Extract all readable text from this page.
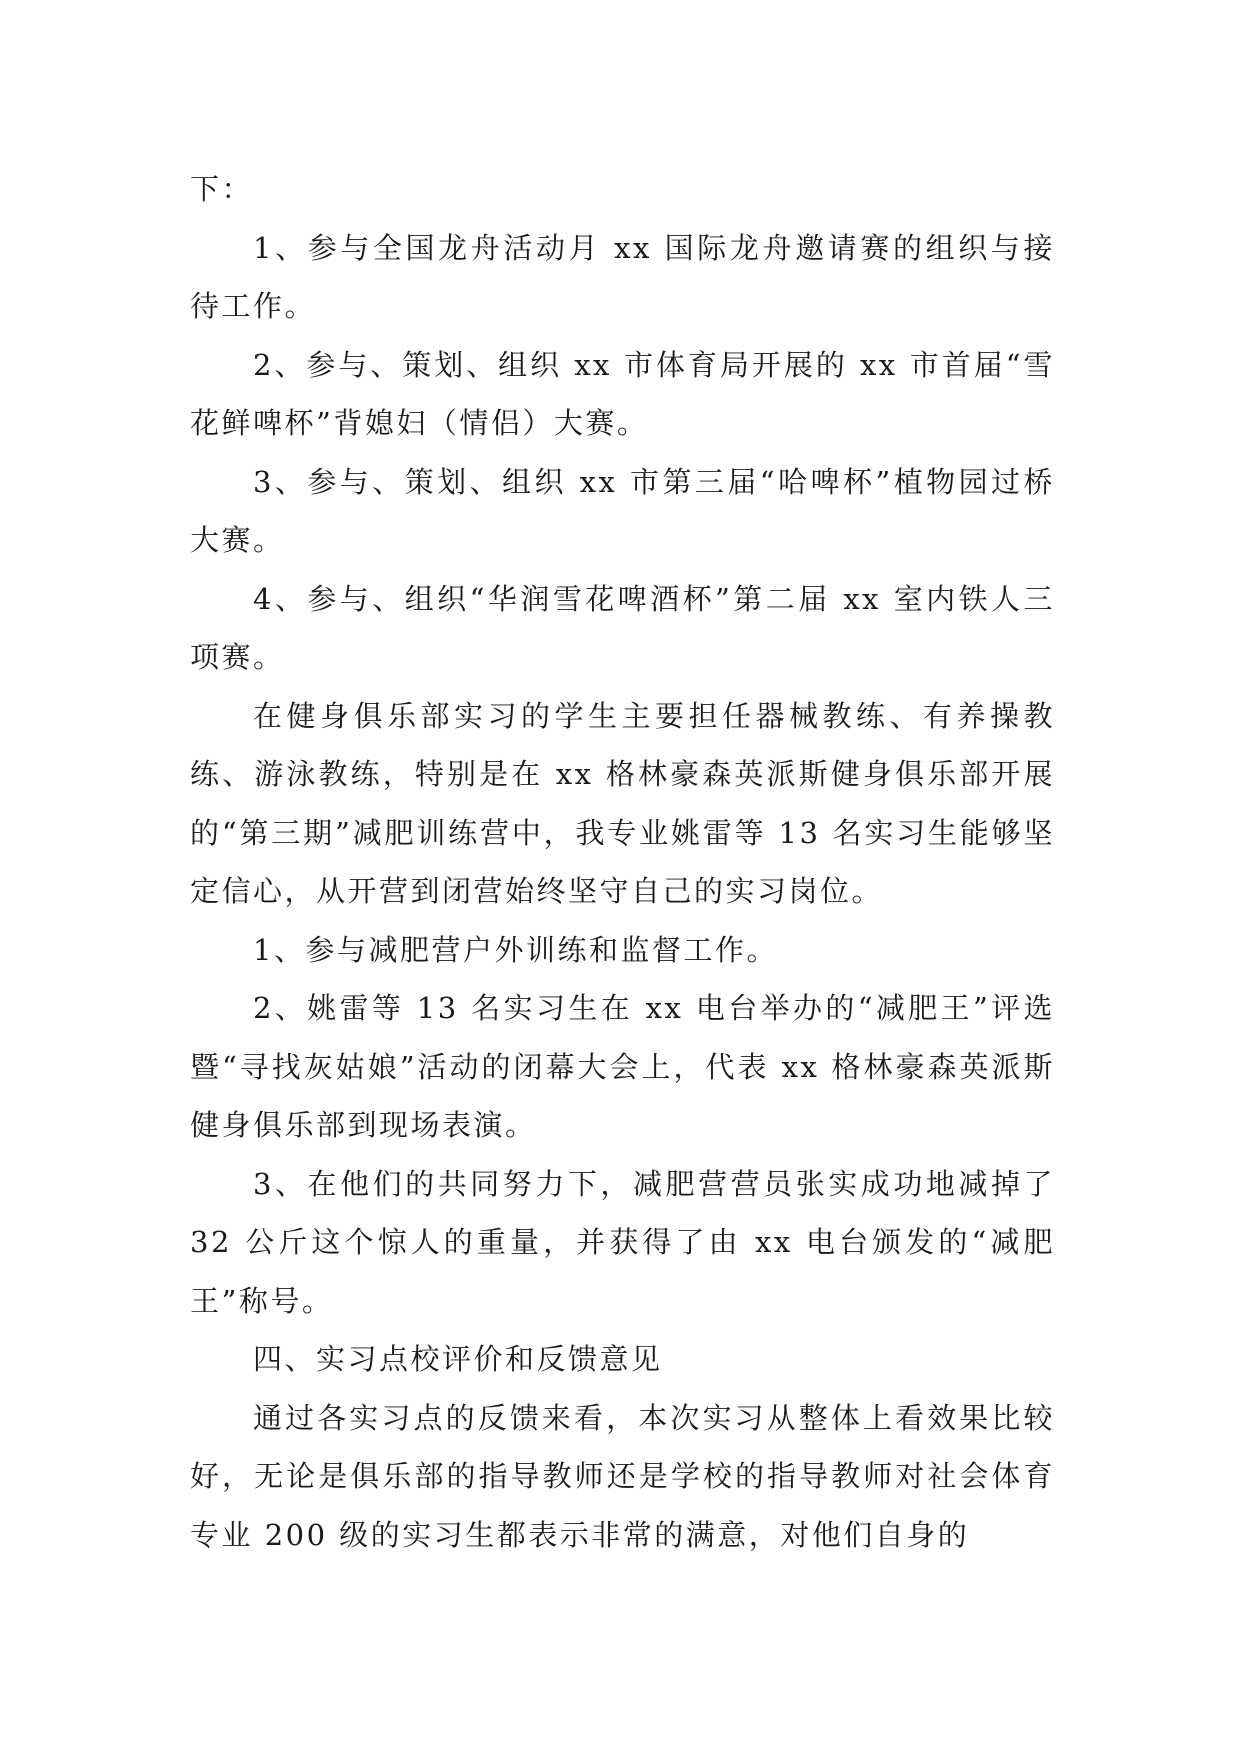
下：

1、参与全国龙舟活动月 xx 国际龙舟邀请赛的组织与接待工作。

2、参与、策划、组织 xx 市体育局开展的 xx 市首届“雪花鲜啤杯”背媳妇（情侣）大赛。

3、参与、策划、组织 xx 市第三届“哈啤杯”植物园过桥大赛。

4、参与、组织“华润雪花啤酒杯”第二届 xx 室内铁人三项赛。

在健身俱乐部实习的学生主要担任器械教练、有养操教练、游泳教练，特别是在 xx 格林豪森英派斯健身俱乐部开展的“第三期”减肥训练营中，我专业姚雷等 13 名实习生能够坚定信心，从开营到闭营始终坚守自己的实习岗位。

1、参与减肥营户外训练和监督工作。

2、姚雷等 13 名实习生在 xx 电台举办的“减肥王”评选暨“寻找灰姑娘”活动的闭幕大会上，代表 xx 格林豪森英派斯健身俱乐部到现场表演。

3、在他们的共同努力下，减肥营营员张实成功地减掉了 32 公斤这个惊人的重量，并获得了由 xx 电台颁发的“减肥王”称号。

四、实习点校评价和反馈意见

通过各实习点的反馈来看，本次实习从整体上看效果比较好，无论是俱乐部的指导教师还是学校的指导教师对社会体育专业 200 级的实习生都表示非常的满意，对他们自身的
